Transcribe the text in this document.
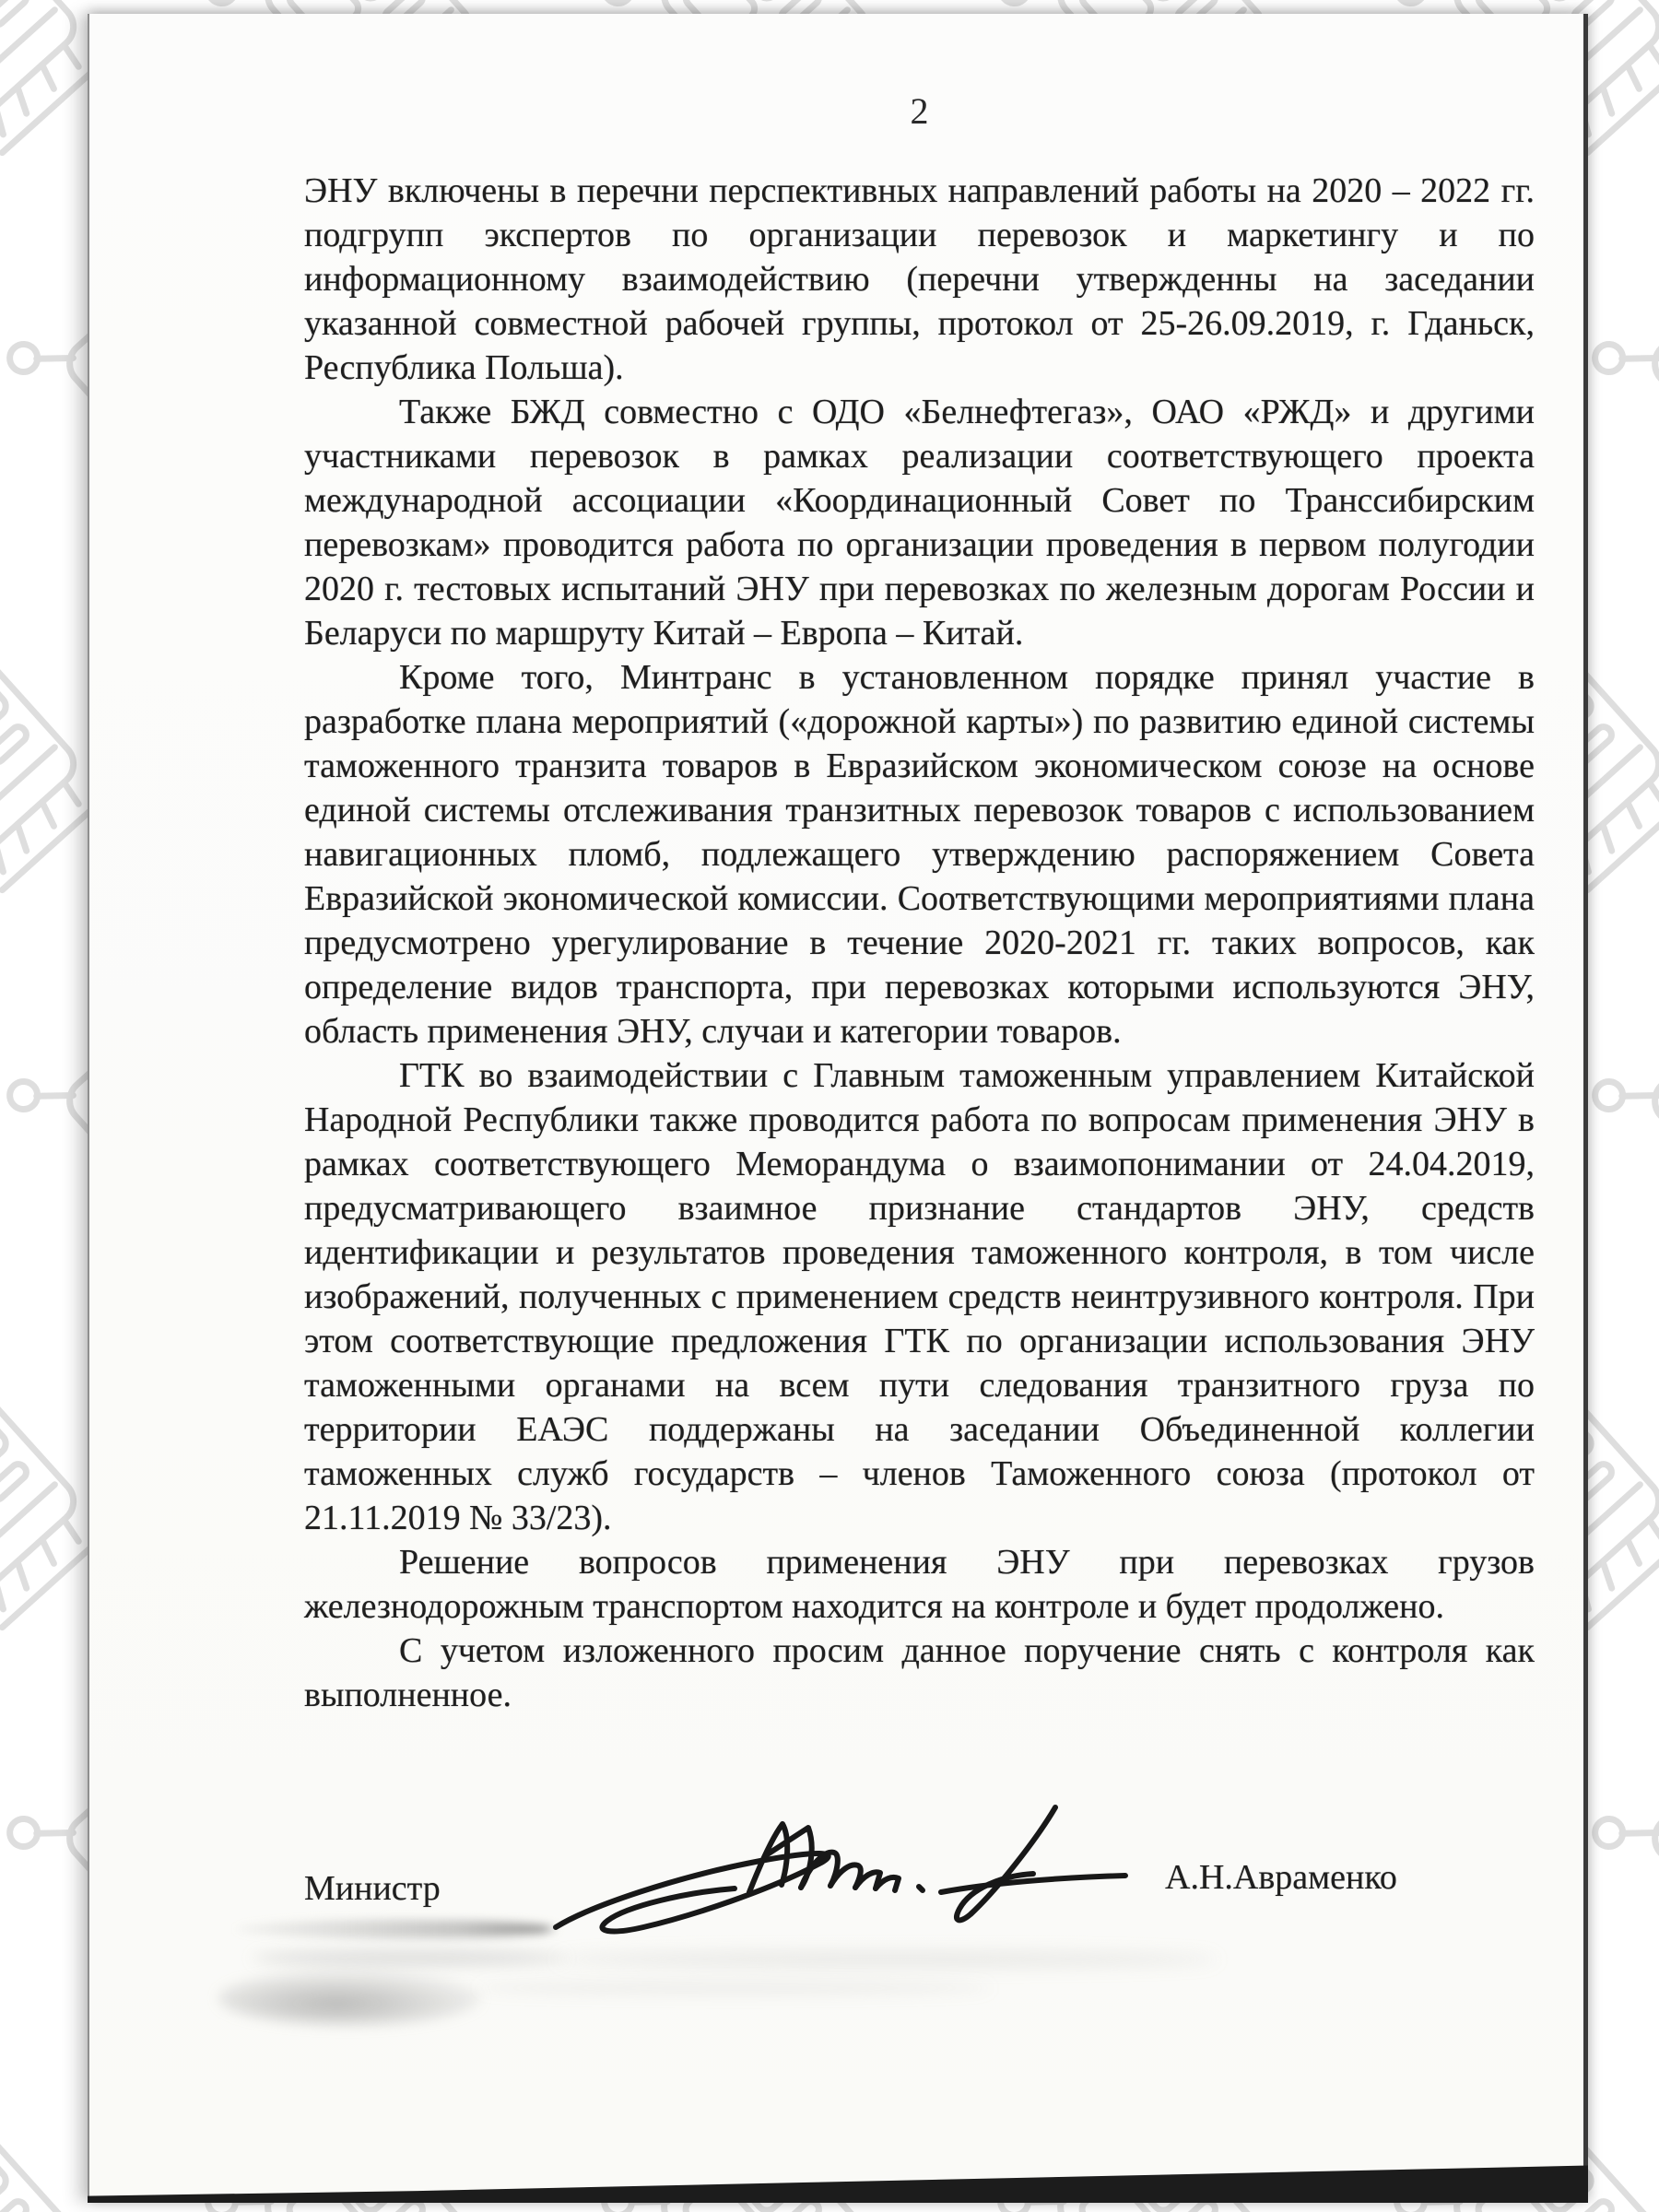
2

ЭНУ включены в перечни перспективных направлений работы на 2020 – 2022 гг. подгрупп экспертов по организации перевозок и маркетингу и по информационному взаимодействию (перечни утвержденны на заседании указанной совместной рабочей группы, протокол от 25-26.09.2019, г. Гданьск, Республика Польша).

Также БЖД совместно с ОДО «Белнефтегаз», ОАО «РЖД» и другими участниками перевозок в рамках реализации соответствующего проекта международной ассоциации «Координационный Совет по Транссибирским перевозкам» проводится работа по организации проведения в первом полугодии 2020 г. тестовых испытаний ЭНУ при перевозках по железным дорогам России и Беларуси по маршруту Китай – Европа – Китай.

Кроме того, Минтранс в установленном порядке принял участие в разработке плана мероприятий («дорожной карты») по развитию единой системы таможенного транзита товаров в Евразийском экономическом союзе на основе единой системы отслеживания транзитных перевозок товаров с использованием навигационных пломб, подлежащего утверждению распоряжением Совета Евразийской экономической комиссии. Соответствующими мероприятиями плана предусмотрено урегулирование в течение 2020-2021 гг. таких вопросов, как определение видов транспорта, при перевозках которыми используются ЭНУ, область применения ЭНУ, случаи и категории товаров.

ГТК во взаимодействии с Главным таможенным управлением Китайской Народной Республики также проводится работа по вопросам применения ЭНУ в рамках соответствующего Меморандума о взаимопонимании от 24.04.2019, предусматривающего взаимное признание стандартов ЭНУ, средств идентификации и результатов проведения таможенного контроля, в том числе изображений, полученных с применением средств неинтрузивного контроля. При этом соответствующие предложения ГТК по организации использования ЭНУ таможенными органами на всем пути следования транзитного груза по территории ЕАЭС поддержаны на заседании Объединенной коллегии таможенных служб государств – членов Таможенного союза (протокол от 21.11.2019 № 33/23).

Решение вопросов применения ЭНУ при перевозках грузов железнодорожным транспортом находится на контроле и будет продолжено.

С учетом изложенного просим данное поручение снять с контроля как выполненное.

Министр	А.Н.Авраменко
